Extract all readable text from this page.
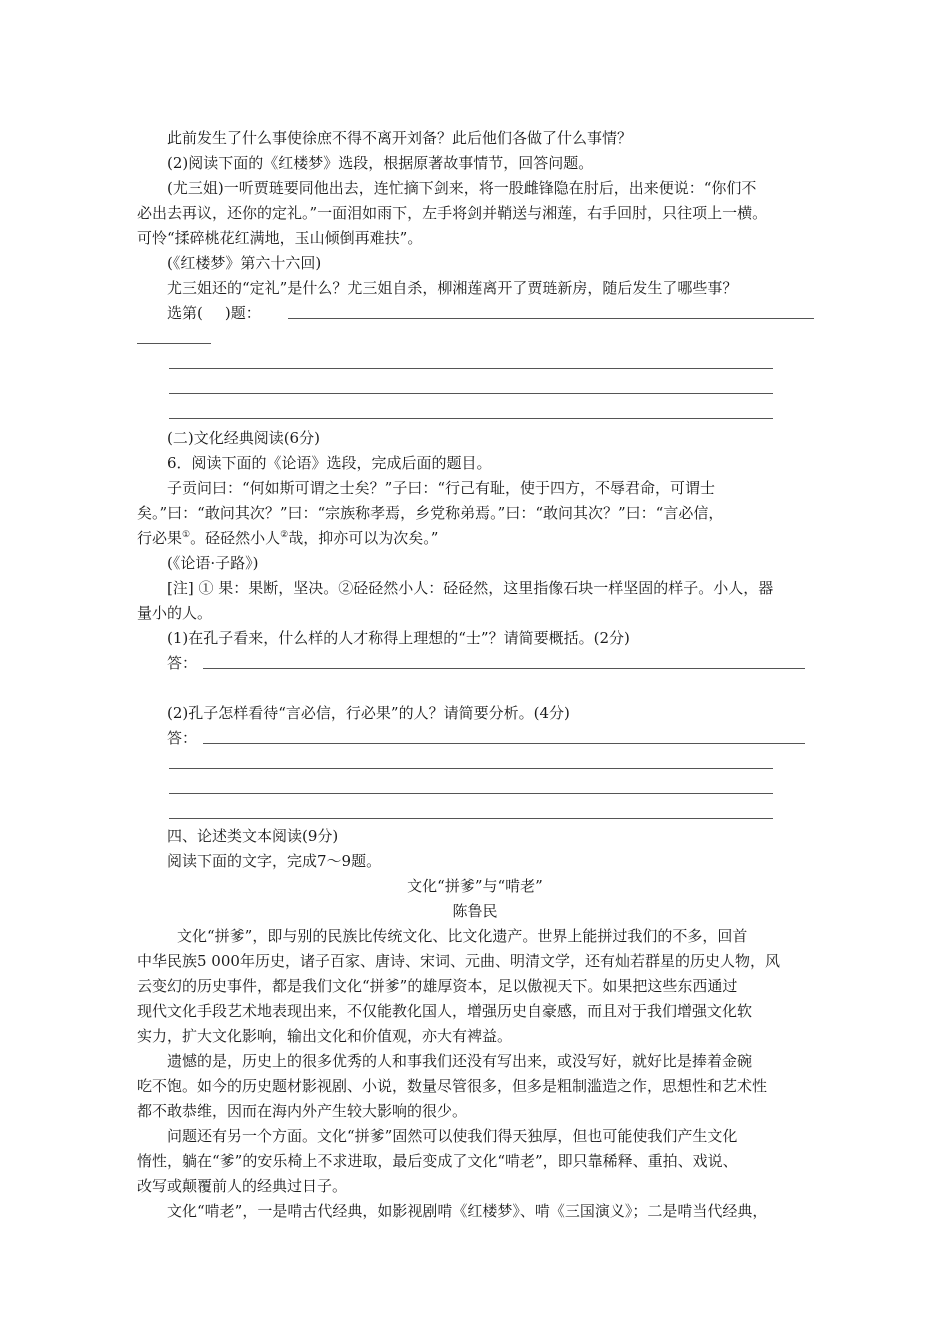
此前发生了什么事使徐庶不得不离开刘备？此后他们各做了什么事情？
(2)阅读下面的《红楼梦》选段，根据原著故事情节，回答问题。
(尤三姐)一听贾琏要同他出去，连忙摘下剑来，将一股雌锋隐在肘后，出来便说：“你们不
必出去再议，还你的定礼。”一面泪如雨下，左手将剑并鞘送与湘莲，右手回肘，只往项上一横。
可怜“揉碎桃花红满地，玉山倾倒再难扶”。
(《红楼梦》第六十六回)
尤三姐还的“定礼”是什么？尤三姐自杀，柳湘莲离开了贾琏新房，随后发生了哪些事？
选第( )题：
(二)文化经典阅读(6分)
6．阅读下面的《论语》选段，完成后面的题目。
子贡问曰：“何如斯可谓之士矣？”子曰：“行己有耻，使于四方，不辱君命，可谓士
矣。”曰：“敢问其次？”曰：“宗族称孝焉，乡党称弟焉。”曰：“敢问其次？”曰：“言必信，
行必果①。硁硁然小人②哉，抑亦可以为次矣。”
(《论语·子路》)
[注] ① 果：果断，坚决。②硁硁然小人：硁硁然，这里指像石块一样坚固的样子。小人，器
量小的人。
(1)在孔子看来，什么样的人才称得上理想的“士”？请简要概括。(2分)
答：
(2)孔子怎样看待“言必信，行必果”的人？请简要分析。(4分)
答：
四、论述类文本阅读(9分)
阅读下面的文字，完成7～9题。
文化“拼爹”与“啃老”
陈鲁民
文化“拼爹”，即与别的民族比传统文化、比文化遗产。世界上能拼过我们的不多，回首
中华民族5 000年历史，诸子百家、唐诗、宋词、元曲、明清文学，还有灿若群星的历史人物，风
云变幻的历史事件，都是我们文化“拼爹”的雄厚资本，足以傲视天下。如果把这些东西通过
现代文化手段艺术地表现出来，不仅能教化国人，增强历史自豪感，而且对于我们增强文化软
实力，扩大文化影响，输出文化和价值观，亦大有裨益。
遗憾的是，历史上的很多优秀的人和事我们还没有写出来，或没写好，就好比是捧着金碗
吃不饱。如今的历史题材影视剧、小说，数量尽管很多，但多是粗制滥造之作，思想性和艺术性
都不敢恭维，因而在海内外产生较大影响的很少。
问题还有另一个方面。文化“拼爹”固然可以使我们得天独厚，但也可能使我们产生文化
惰性，躺在“爹”的安乐椅上不求进取，最后变成了文化“啃老”，即只靠稀释、重拍、戏说、
改写或颠覆前人的经典过日子。
文化“啃老”，一是啃古代经典，如影视剧啃《红楼梦》、啃《三国演义》；二是啃当代经典，
